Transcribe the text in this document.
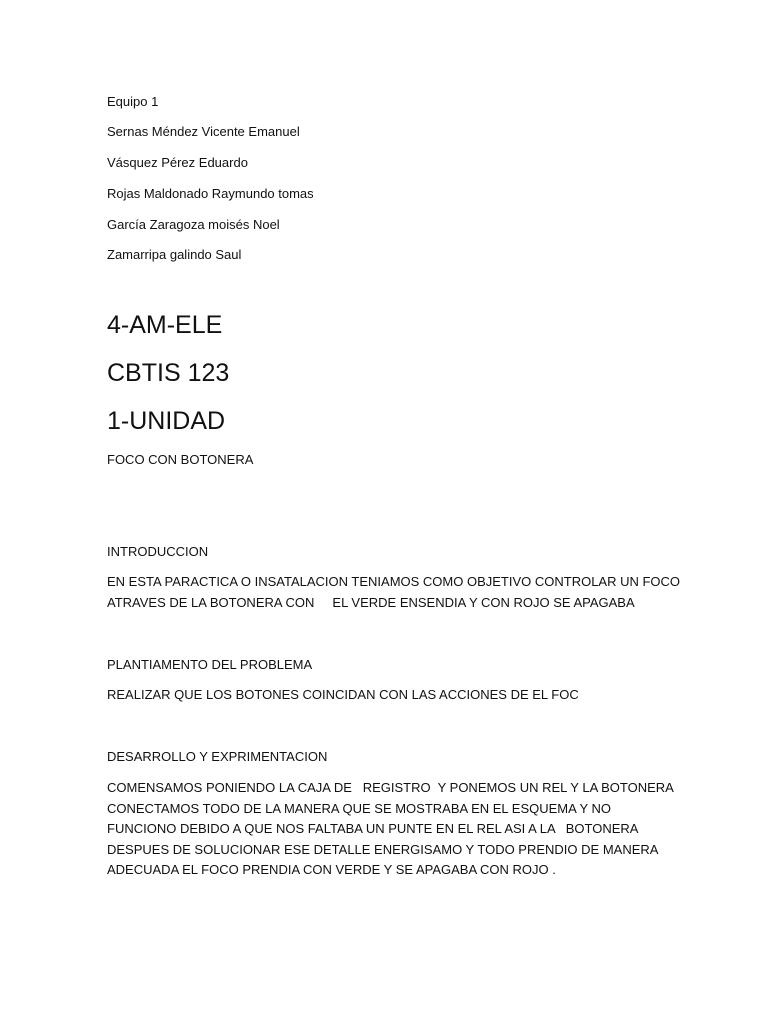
Equipo 1

Sernas Méndez Vicente Emanuel

Vásquez Pérez Eduardo

Rojas Maldonado Raymundo tomas

García Zaragoza moisés Noel

Zamarripa galindo Saul

4-AM-ELE

CBTIS 123

1-UNIDAD

FOCO CON BOTONERA

INTRODUCCION

EN ESTA PARACTICA O INSATALACION TENIAMOS COMO OBJETIVO CONTROLAR UN FOCO
ATRAVES DE LA BOTONERA CON     EL VERDE ENSENDIA Y CON ROJO SE APAGABA

PLANTIAMENTO DEL PROBLEMA

REALIZAR QUE LOS BOTONES COINCIDAN CON LAS ACCIONES DE EL FOC

DESARROLLO Y EXPRIMENTACION

COMENSAMOS PONIENDO LA CAJA DE   REGISTRO  Y PONEMOS UN REL Y LA BOTONERA
CONECTAMOS TODO DE LA MANERA QUE SE MOSTRABA EN EL ESQUEMA Y NO
FUNCIONO DEBIDO A QUE NOS FALTABA UN PUNTE EN EL REL ASI A LA   BOTONERA
DESPUES DE SOLUCIONAR ESE DETALLE ENERGISAMO Y TODO PRENDIO DE MANERA
ADECUADA EL FOCO PRENDIA CON VERDE Y SE APAGABA CON ROJO .
